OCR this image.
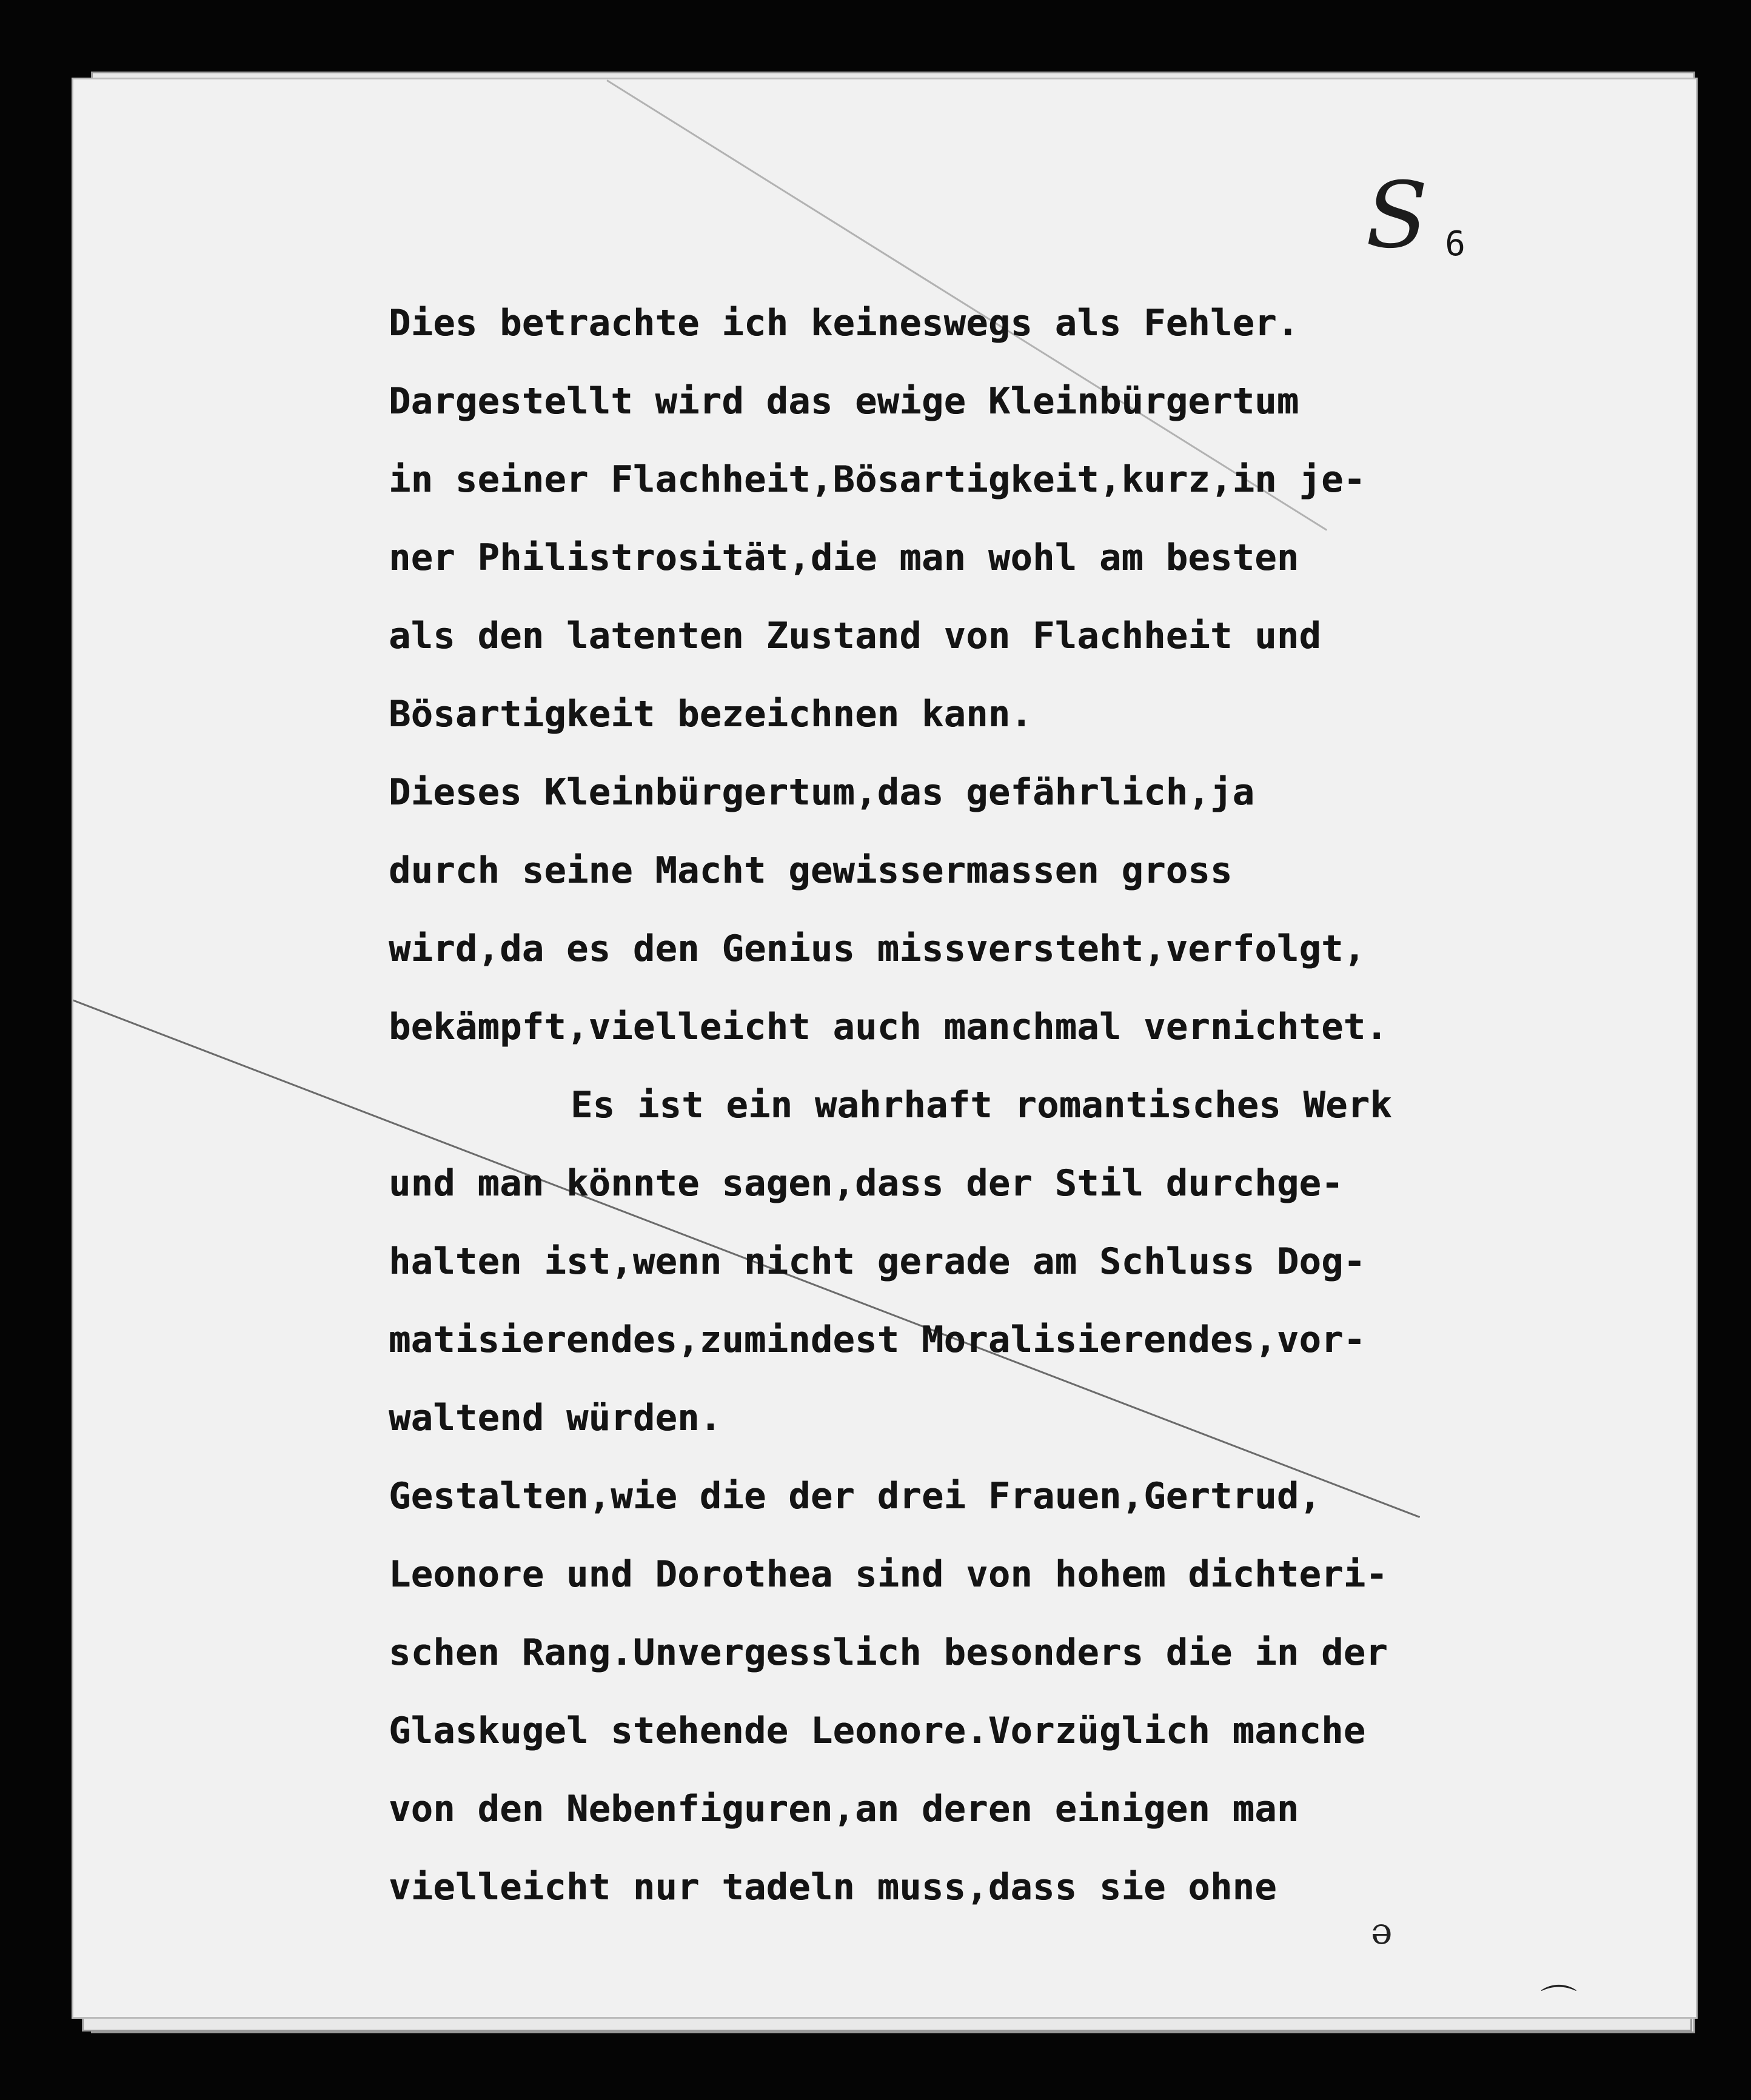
S 6
Dies betrachte ich keineswegs als Fehler.
Dargestellt wird das ewige Kleinbürgertum
in seiner Flachheit,Bösartigkeit,kurz,in je-
ner Philistrosität,die man wohl am besten
als den latenten Zustand von Flachheit und
Bösartigkeit bezeichnen kann.
Dieses Kleinbürgertum,das gefährlich,ja
durch seine Macht gewissermassen gross
wird,da es den Genius missversteht,verfolgt,
bekämpft,vielleicht auch manchmal vernichtet.
Es ist ein wahrhaft romantisches Werk
und man könnte sagen,dass der Stil durchge-
halten ist,wenn nicht gerade am Schluss Dog-
matisierendes,zumindest Moralisierendes,vor-
waltend würden.
Gestalten,wie die der drei Frauen,Gertrud,
Leonore und Dorothea sind von hohem dichteri-
schen Rang.Unvergesslich besonders die in der
Glaskugel stehende Leonore.Vorzüglich manche
von den Nebenfiguren,an deren einigen man
vielleicht nur tadeln muss,dass sie ohne
ǝ
⌒
